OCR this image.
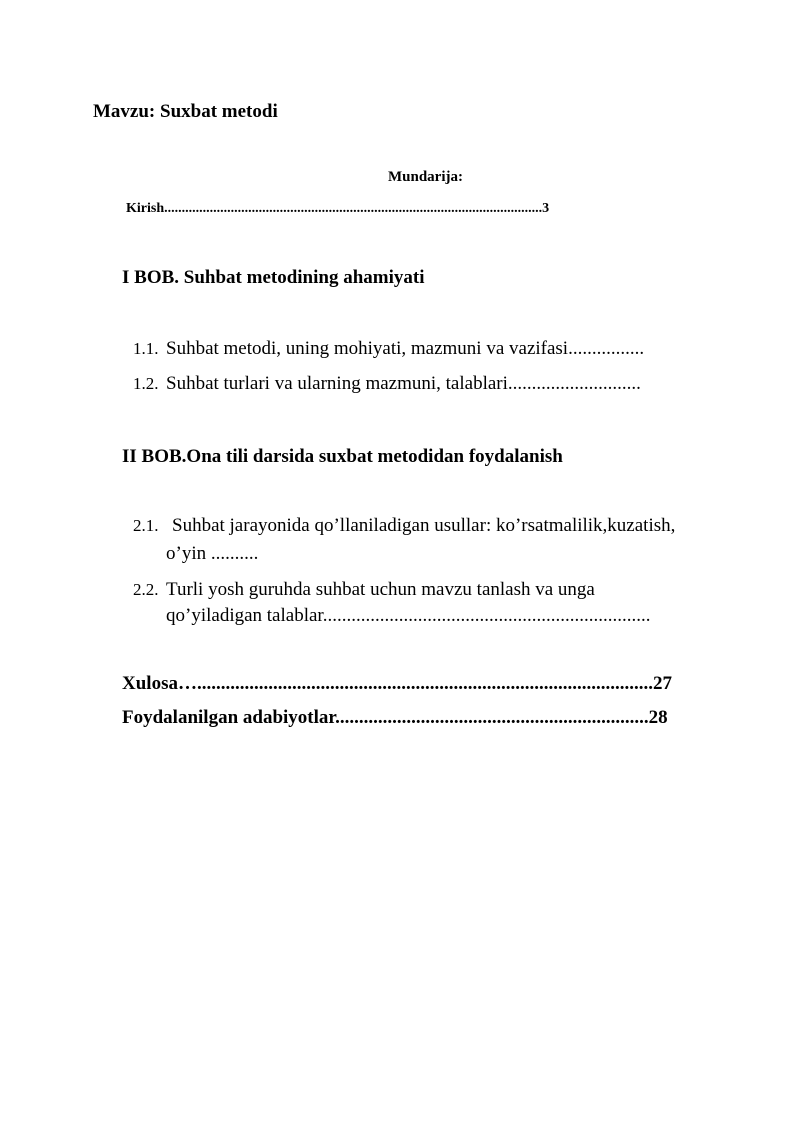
Mavzu: Suxbat metodi
Mundarija:
Kirish............................................................................................................3
I BOB. Suhbat metodining ahamiyati
1.1. Suhbat metodi, uning mohiyati, mazmuni va vazifasi................
1.2. Suhbat turlari va ularning mazmuni, talablari............................
II BOB.Ona tili darsida suxbat metodidan foydalanish
2.1. Suhbat jarayonida qo’llaniladigan usullar: ko’rsatmalilik,kuzatish,
o’yin ..........
2.2. Turli yosh guruhda suhbat uchun mavzu tanlash va unga
qo’yiladigan talablar.....................................................................
Xulosa…................................................................................................27
Foydalanilgan adabiyotlar..................................................................28
